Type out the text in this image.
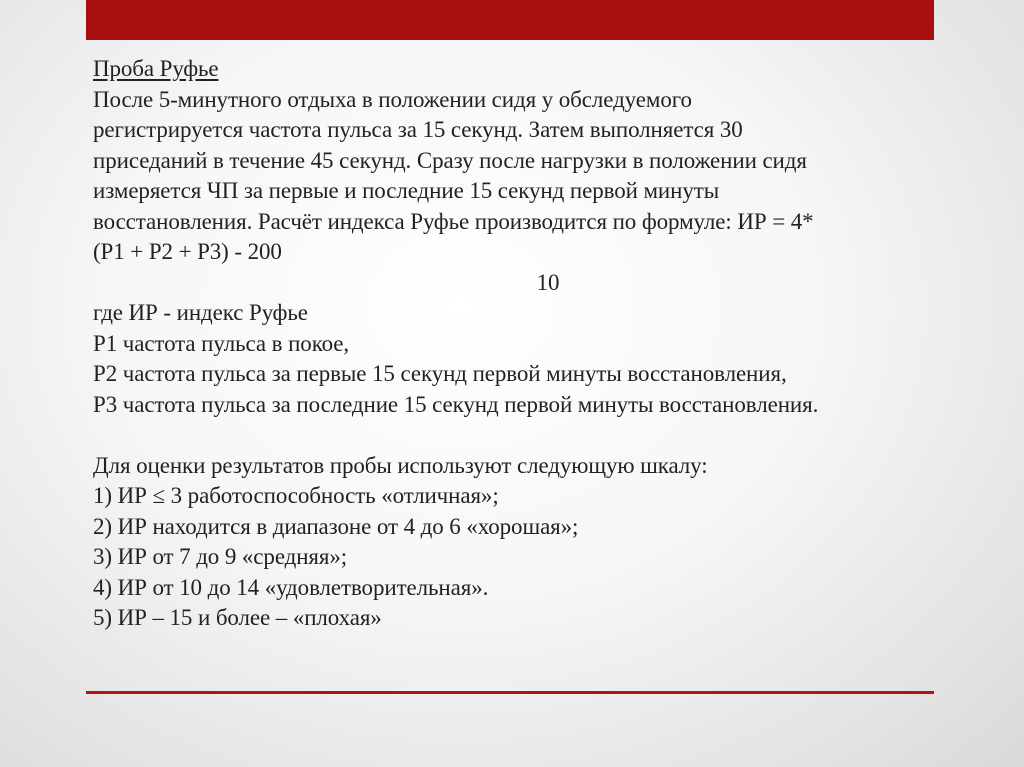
Проба Руфье
После 5-минутного отдыха в положении сидя у обследуемого
регистрируется частота пульса за 15 секунд. Затем выполняется 30
приседаний в течение 45 секунд. Сразу после нагрузки в положении сидя
измеряется ЧП за первые и последние 15 секунд первой минуты
восстановления. Расчёт индекса Руфье производится по формуле: ИР = 4*
(Р1 + Р2 + Р3) - 200
10
где ИР - индекс Руфье
Р1 частота пульса в покое,
Р2 частота пульса за первые 15 секунд первой минуты восстановления,
Р3 частота пульса за последние 15 секунд первой минуты восстановления.
Для оценки результатов пробы используют следующую шкалу:
1) ИР ≤ 3 работоспособность «отличная»;
2) ИР находится в диапазоне от 4 до 6 «хорошая»;
3) ИР от 7 до 9 «средняя»;
4) ИР от 10 до 14 «удовлетворительная».
5) ИР – 15 и более – «плохая»
